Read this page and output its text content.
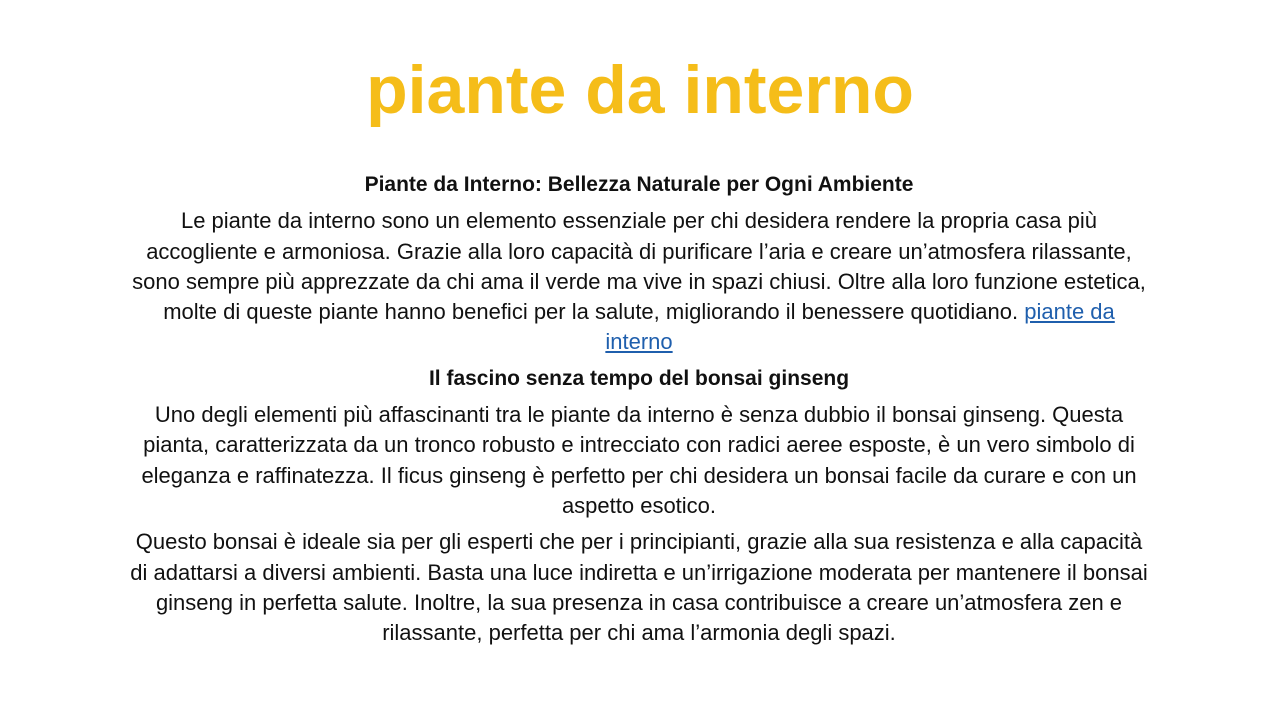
piante da interno

Piante da Interno: Bellezza Naturale per Ogni Ambiente

Le piante da interno sono un elemento essenziale per chi desidera rendere la propria casa più accogliente e armoniosa. Grazie alla loro capacità di purificare l’aria e creare un’atmosfera rilassante, sono sempre più apprezzate da chi ama il verde ma vive in spazi chiusi. Oltre alla loro funzione estetica, molte di queste piante hanno benefici per la salute, migliorando il benessere quotidiano. piante da interno

Il fascino senza tempo del bonsai ginseng

Uno degli elementi più affascinanti tra le piante da interno è senza dubbio il bonsai ginseng. Questa pianta, caratterizzata da un tronco robusto e intrecciato con radici aeree esposte, è un vero simbolo di eleganza e raffinatezza. Il ficus ginseng è perfetto per chi desidera un bonsai facile da curare e con un aspetto esotico.

Questo bonsai è ideale sia per gli esperti che per i principianti, grazie alla sua resistenza e alla capacità di adattarsi a diversi ambienti. Basta una luce indiretta e un’irrigazione moderata per mantenere il bonsai ginseng in perfetta salute. Inoltre, la sua presenza in casa contribuisce a creare un’atmosfera zen e rilassante, perfetta per chi ama l’armonia degli spazi.
